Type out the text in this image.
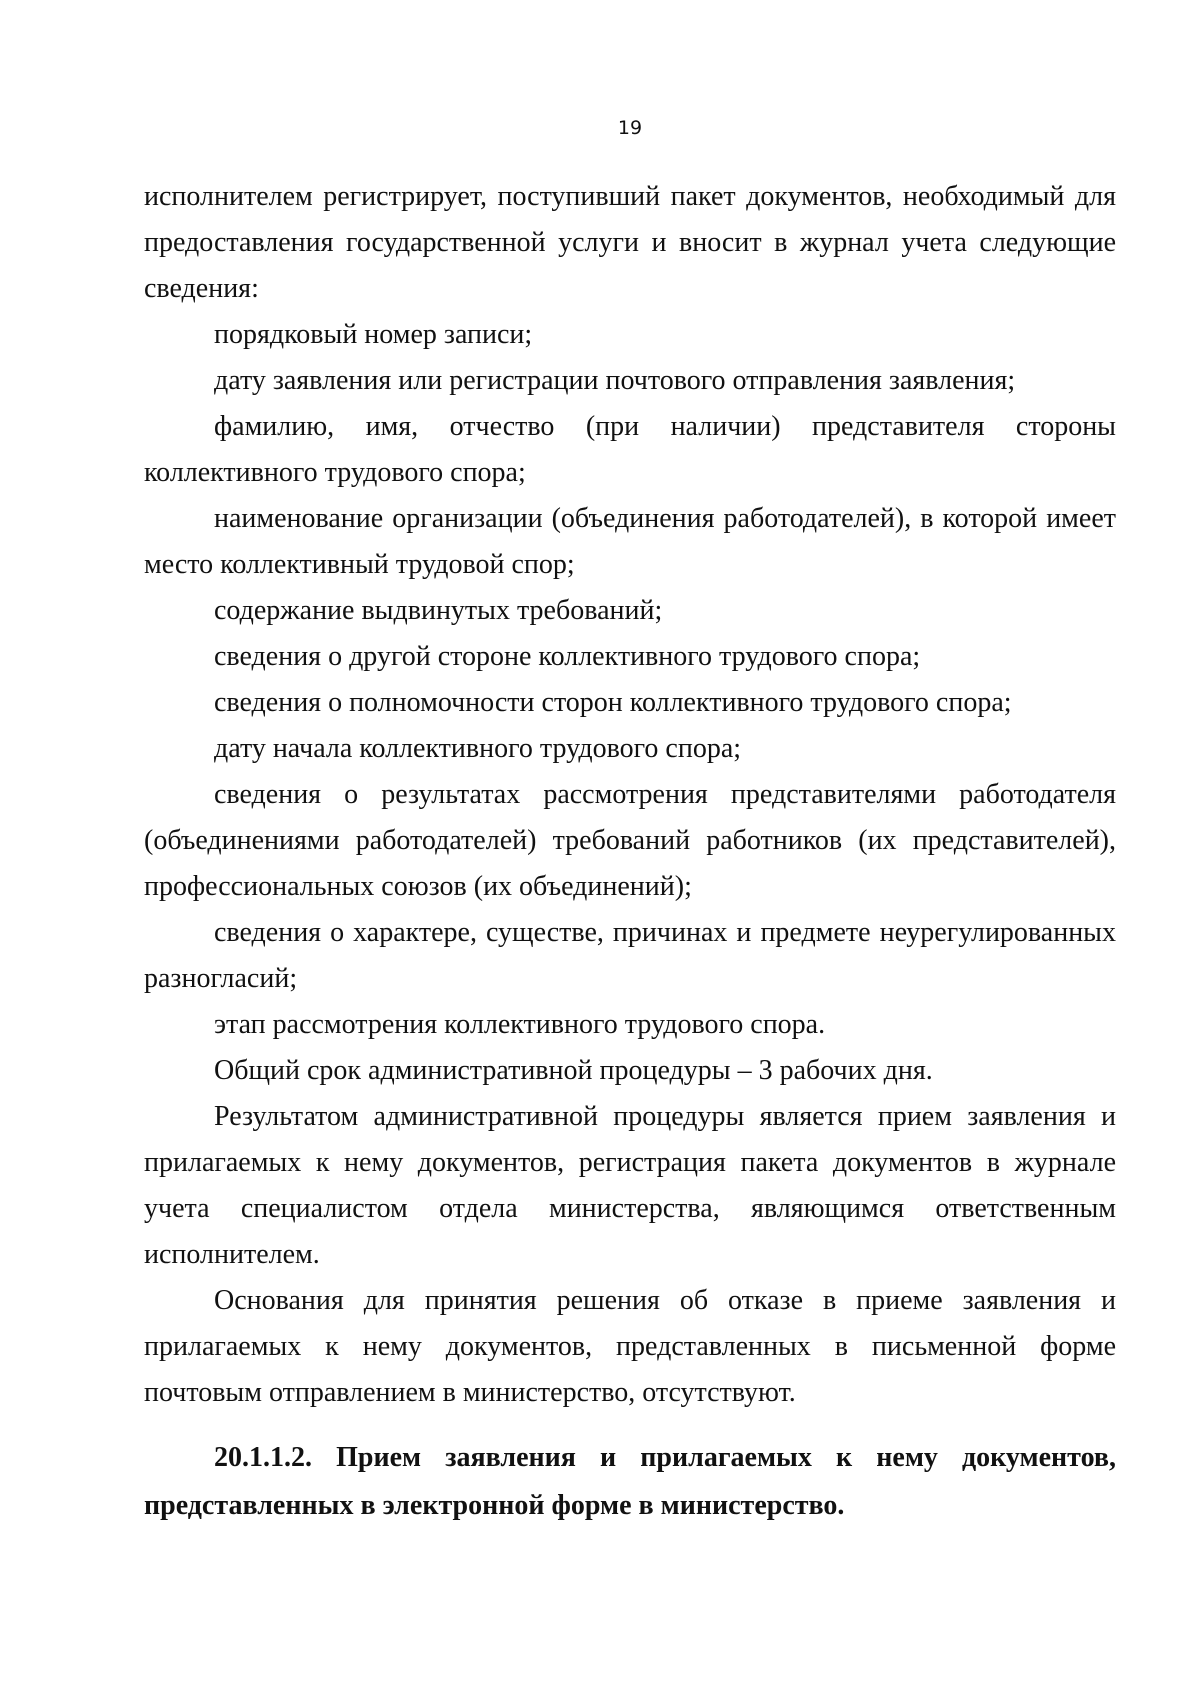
19

исполнителем регистрирует, поступивший пакет документов, необходимый для предоставления государственной услуги и вносит в журнал учета следующие сведения:

порядковый номер записи;

дату заявления или регистрации почтового отправления заявления;

фамилию, имя, отчество (при наличии) представителя стороны коллективного трудового спора;

наименование организации (объединения работодателей), в которой имеет место коллективный трудовой спор;

содержание выдвинутых требований;

сведения о другой стороне коллективного трудового спора;

сведения о полномочности сторон коллективного трудового спора;

дату начала коллективного трудового спора;

сведения о результатах рассмотрения представителями работодателя (объединениями работодателей) требований работников (их представителей), профессиональных союзов (их объединений);

сведения о характере, существе, причинах и предмете неурегулированных разногласий;

этап рассмотрения коллективного трудового спора.

Общий срок административной процедуры – 3 рабочих дня.

Результатом административной процедуры является прием заявления и прилагаемых к нему документов, регистрация пакета документов в журнале учета специалистом отдела министерства, являющимся ответственным исполнителем.

Основания для принятия решения об отказе в приеме заявления и прилагаемых к нему документов, представленных в письменной форме почтовым отправлением в министерство, отсутствуют.

20.1.1.2. Прием заявления и прилагаемых к нему документов, представленных в электронной форме в министерство.
